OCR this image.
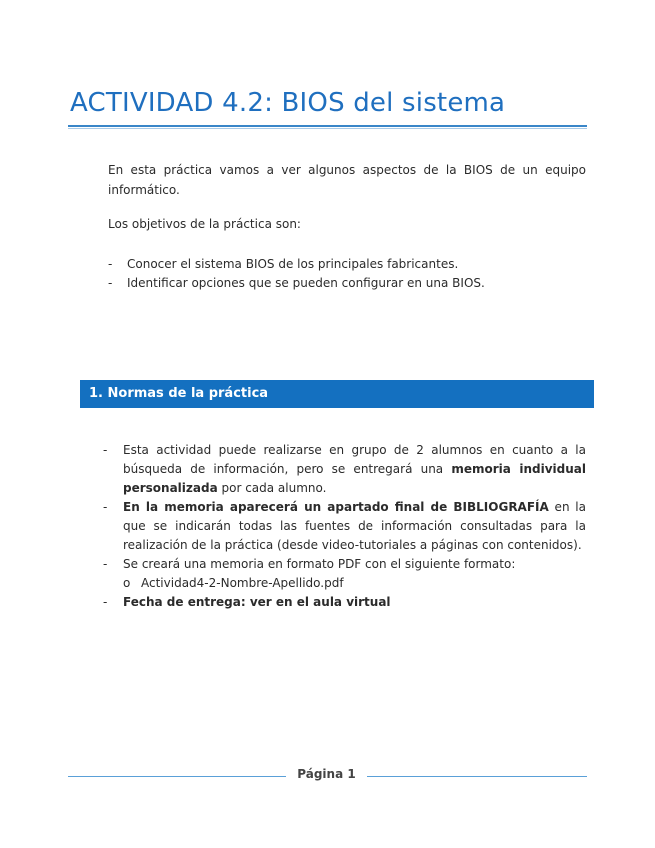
ACTIVIDAD 4.2: BIOS del sistema

En esta práctica vamos a ver algunos aspectos de la BIOS de un equipo informático.

Los objetivos de la práctica son:
- Conocer el sistema BIOS de los principales fabricantes.
- Identificar opciones que se pueden configurar en una BIOS.
1. Normas de la práctica
- Esta actividad puede realizarse en grupo de 2 alumnos en cuanto a la búsqueda de información, pero se entregará una memoria individual personalizada por cada alumno.
- En la memoria aparecerá un apartado final de BIBLIOGRAFÍA en la que se indicarán todas las fuentes de información consultadas para la realización de la práctica (desde video-tutoriales a páginas con contenidos).
- Se creará una memoria en formato PDF con el siguiente formato:
o Actividad4-2-Nombre-Apellido.pdf
- Fecha de entrega: ver en el aula virtual
Página 1
